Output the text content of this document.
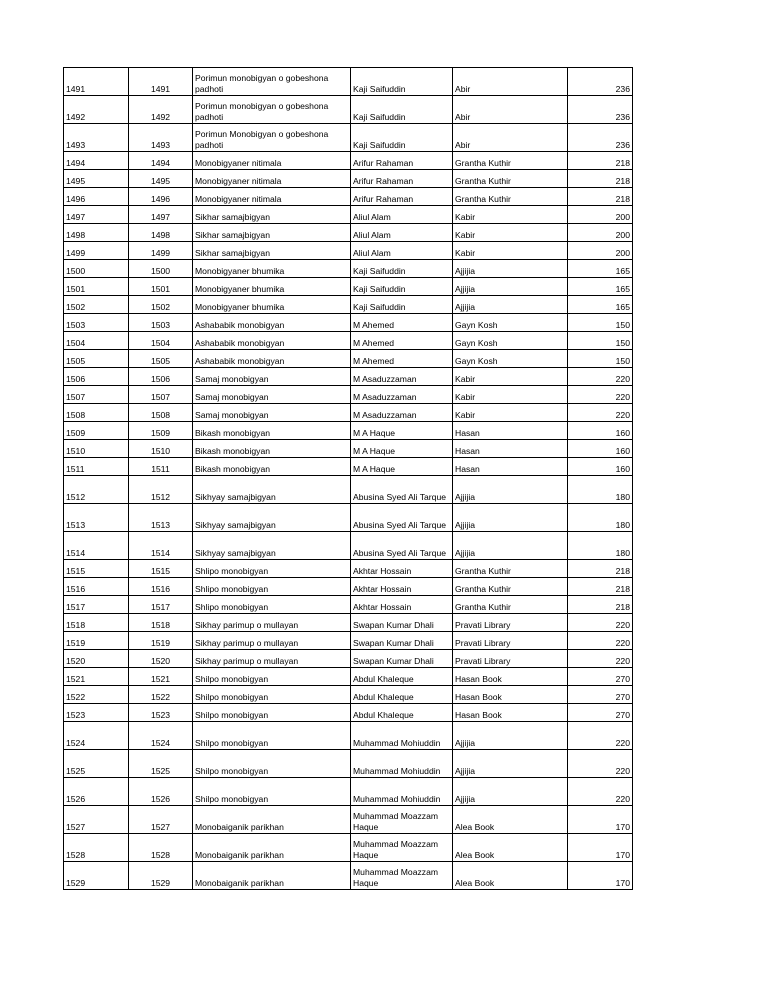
1491	1491	Porimun monobigyan o gobeshona padhoti	Kaji Saifuddin	Abir	236
1492	1492	Porimun monobigyan o gobeshona padhoti	Kaji Saifuddin	Abir	236
1493	1493	Porimun Monobigyan o gobeshona padhoti	Kaji Saifuddin	Abir	236
1494	1494	Monobigyaner nitimala	Arifur Rahaman	Grantha Kuthir	218
1495	1495	Monobigyaner nitimala	Arifur Rahaman	Grantha Kuthir	218
1496	1496	Monobigyaner nitimala	Arifur Rahaman	Grantha Kuthir	218
1497	1497	Sikhar samajbigyan	Aliul Alam	Kabir	200
1498	1498	Sikhar samajbigyan	Aliul Alam	Kabir	200
1499	1499	Sikhar samajbigyan	Aliul Alam	Kabir	200
1500	1500	Monobigyaner bhumika	Kaji Saifuddin	Ajjijia	165
1501	1501	Monobigyaner bhumika	Kaji Saifuddin	Ajjijia	165
1502	1502	Monobigyaner bhumika	Kaji Saifuddin	Ajjijia	165
1503	1503	Ashababik monobigyan	M Ahemed	Gayn Kosh	150
1504	1504	Ashababik monobigyan	M Ahemed	Gayn Kosh	150
1505	1505	Ashababik monobigyan	M Ahemed	Gayn Kosh	150
1506	1506	Samaj monobigyan	M Asaduzzaman	Kabir	220
1507	1507	Samaj monobigyan	M Asaduzzaman	Kabir	220
1508	1508	Samaj monobigyan	M Asaduzzaman	Kabir	220
1509	1509	Bikash monobigyan	M A Haque	Hasan	160
1510	1510	Bikash monobigyan	M A Haque	Hasan	160
1511	1511	Bikash monobigyan	M A Haque	Hasan	160
1512	1512	Sikhyay samajbigyan	Abusina Syed Ali Tarque	Ajjijia	180
1513	1513	Sikhyay samajbigyan	Abusina Syed Ali Tarque	Ajjijia	180
1514	1514	Sikhyay samajbigyan	Abusina Syed Ali Tarque	Ajjijia	180
1515	1515	Shlipo monobigyan	Akhtar Hossain	Grantha Kuthir	218
1516	1516	Shlipo monobigyan	Akhtar Hossain	Grantha Kuthir	218
1517	1517	Shlipo monobigyan	Akhtar Hossain	Grantha Kuthir	218
1518	1518	Sikhay parimup o mullayan	Swapan Kumar Dhali	Pravati Library	220
1519	1519	Sikhay parimup o mullayan	Swapan Kumar Dhali	Pravati Library	220
1520	1520	Sikhay parimup o mullayan	Swapan Kumar Dhali	Pravati Library	220
1521	1521	Shilpo monobigyan	Abdul Khaleque	Hasan Book	270
1522	1522	Shilpo monobigyan	Abdul Khaleque	Hasan Book	270
1523	1523	Shilpo monobigyan	Abdul Khaleque	Hasan Book	270
1524	1524	Shilpo monobigyan	Muhammad Mohiuddin	Ajjijia	220
1525	1525	Shilpo monobigyan	Muhammad Mohiuddin	Ajjijia	220
1526	1526	Shilpo monobigyan	Muhammad Mohiuddin	Ajjijia	220
1527	1527	Monobaiganik parikhan	Muhammad Moazzam Haque	Alea Book	170
1528	1528	Monobaiganik parikhan	Muhammad Moazzam Haque	Alea Book	170
1529	1529	Monobaiganik parikhan	Muhammad Moazzam Haque	Alea Book	170
